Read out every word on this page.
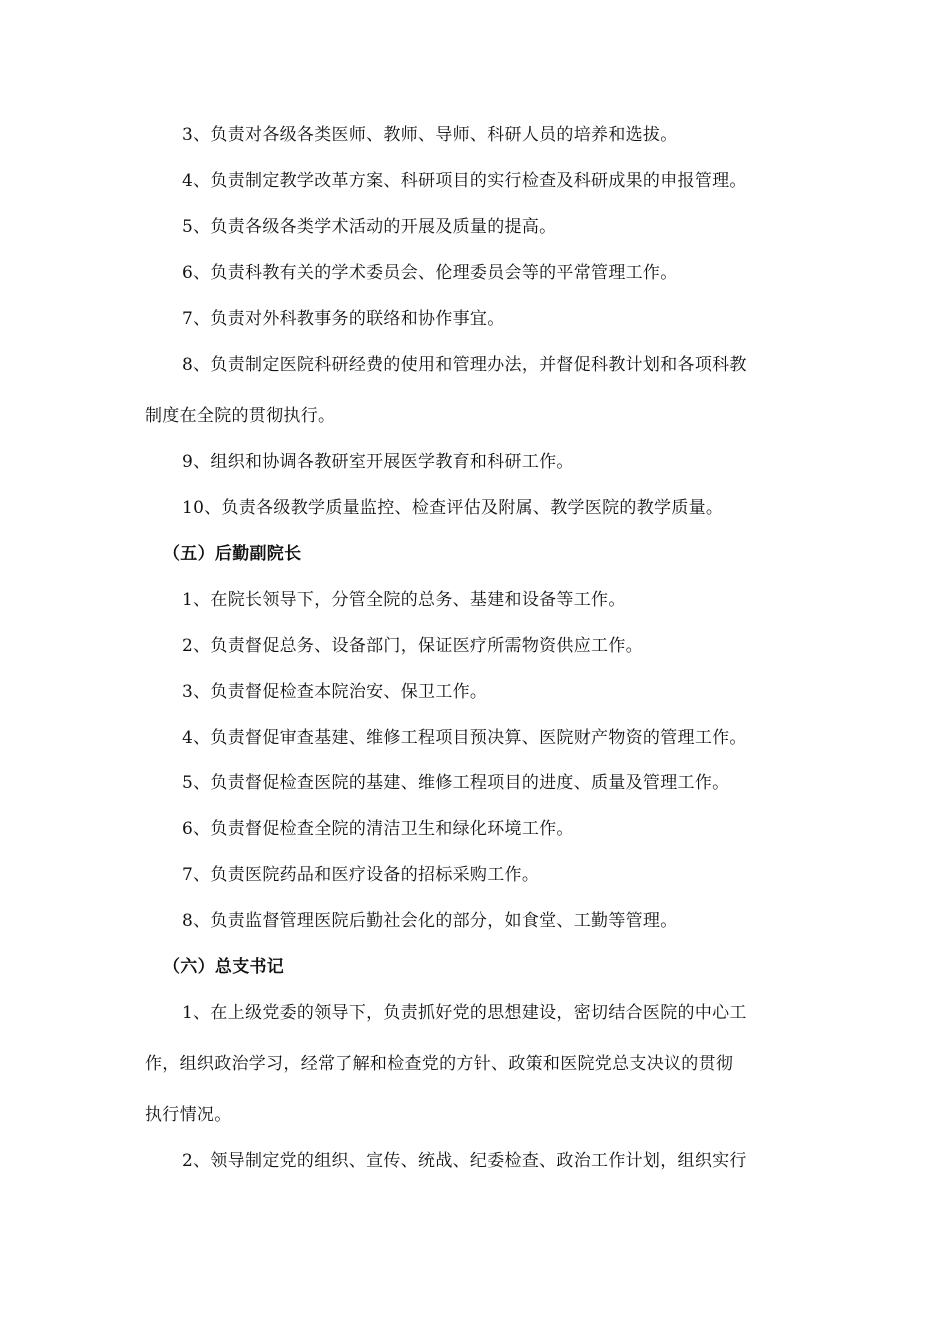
3、负责对各级各类医师、教师、导师、科研人员的培养和选拔。
4、负责制定教学改革方案、科研项目的实行检查及科研成果的申报管理。
5、负责各级各类学术活动的开展及质量的提高。
6、负责科教有关的学术委员会、伦理委员会等的平常管理工作。
7、负责对外科教事务的联络和协作事宜。
8、负责制定医院科研经费的使用和管理办法，并督促科教计划和各项科教
制度在全院的贯彻执行。
9、组织和协调各教研室开展医学教育和科研工作。
10、负责各级教学质量监控、检查评估及附属、教学医院的教学质量。
（五）后勤副院长
1、在院长领导下，分管全院的总务、基建和设备等工作。
2、负责督促总务、设备部门，保证医疗所需物资供应工作。
3、负责督促检查本院治安、保卫工作。
4、负责督促审查基建、维修工程项目预决算、医院财产物资的管理工作。
5、负责督促检查医院的基建、维修工程项目的进度、质量及管理工作。
6、负责督促检查全院的清洁卫生和绿化环境工作。
7、负责医院药品和医疗设备的招标采购工作。
8、负责监督管理医院后勤社会化的部分，如食堂、工勤等管理。
（六）总支书记
1、在上级党委的领导下，负责抓好党的思想建设，密切结合医院的中心工
作，组织政治学习，经常了解和检查党的方针、政策和医院党总支决议的贯彻
执行情况。
2、领导制定党的组织、宣传、统战、纪委检查、政治工作计划，组织实行
